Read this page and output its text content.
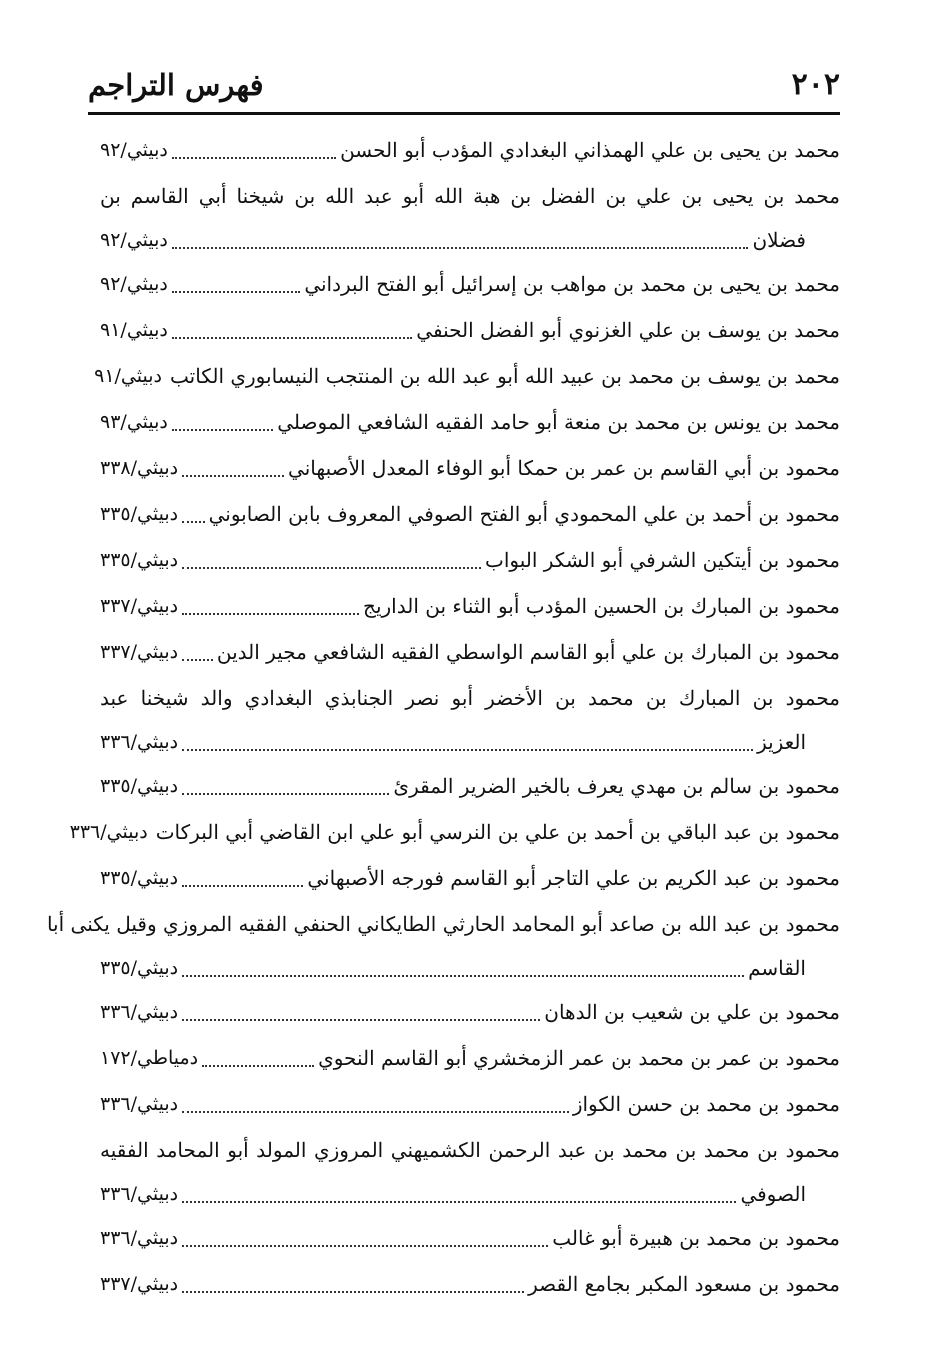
٢٠٢
فهرس التراجم
محمد بن يحيى بن علي الهمذاني البغدادي المؤدب أبو الحسن
دبيثي/٩٢
محمد بن يحيى بن علي بن الفضل بن هبة الله أبو عبد الله بن شيخنا أبي القاسم بن
فضلان
دبيثي/٩٢
محمد بن يحيى بن محمد بن مواهب بن إسرائيل أبو الفتح البرداني
دبيثي/٩٢
محمد بن يوسف بن علي الغزنوي أبو الفضل الحنفي
دبيثي/٩١
محمد بن يوسف بن محمد بن عبيد الله أبو عبد الله بن المنتجب النيسابوري الكاتب
دبيثي/٩١
محمد بن يونس بن محمد بن منعة أبو حامد الفقيه الشافعي الموصلي
دبيثي/٩٣
محمود بن أبي القاسم بن عمر بن حمكا أبو الوفاء المعدل الأصبهاني
دبيثي/٣٣٨
محمود بن أحمد بن علي المحمودي أبو الفتح الصوفي المعروف بابن الصابوني
دبيثي/٣٣٥
محمود بن أيتكين الشرفي أبو الشكر البواب
دبيثي/٣٣٥
محمود بن المبارك بن الحسين المؤدب أبو الثناء بن الداريج
دبيثي/٣٣٧
محمود بن المبارك بن علي أبو القاسم الواسطي الفقيه الشافعي مجير الدين
دبيثي/٣٣٧
محمود بن المبارك بن محمد بن الأخضر أبو نصر الجنابذي البغدادي والد شيخنا عبد
العزيز
دبيثي/٣٣٦
محمود بن سالم بن مهدي يعرف بالخير الضرير المقرئ
دبيثي/٣٣٥
محمود بن عبد الباقي بن أحمد بن علي بن النرسي أبو علي ابن القاضي أبي البركات
دبيثي/٣٣٦
محمود بن عبد الكريم بن علي التاجر أبو القاسم فورجه الأصبهاني
دبيثي/٣٣٥
محمود بن عبد الله بن صاعد أبو المحامد الحارثي الطايكاني الحنفي الفقيه المروزي وقيل يكنى أبا
القاسم
دبيثي/٣٣٥
محمود بن علي بن شعيب بن الدهان
دبيثي/٣٣٦
محمود بن عمر بن محمد بن عمر الزمخشري أبو القاسم النحوي
دمياطي/١٧٢
محمود بن محمد بن حسن الكواز
دبيثي/٣٣٦
محمود بن محمد بن محمد بن عبد الرحمن الكشميهني المروزي المولد أبو المحامد الفقيه
الصوفي
دبيثي/٣٣٦
محمود بن محمد بن هبيرة أبو غالب
دبيثي/٣٣٦
محمود بن مسعود المكبر بجامع القصر
دبيثي/٣٣٧
